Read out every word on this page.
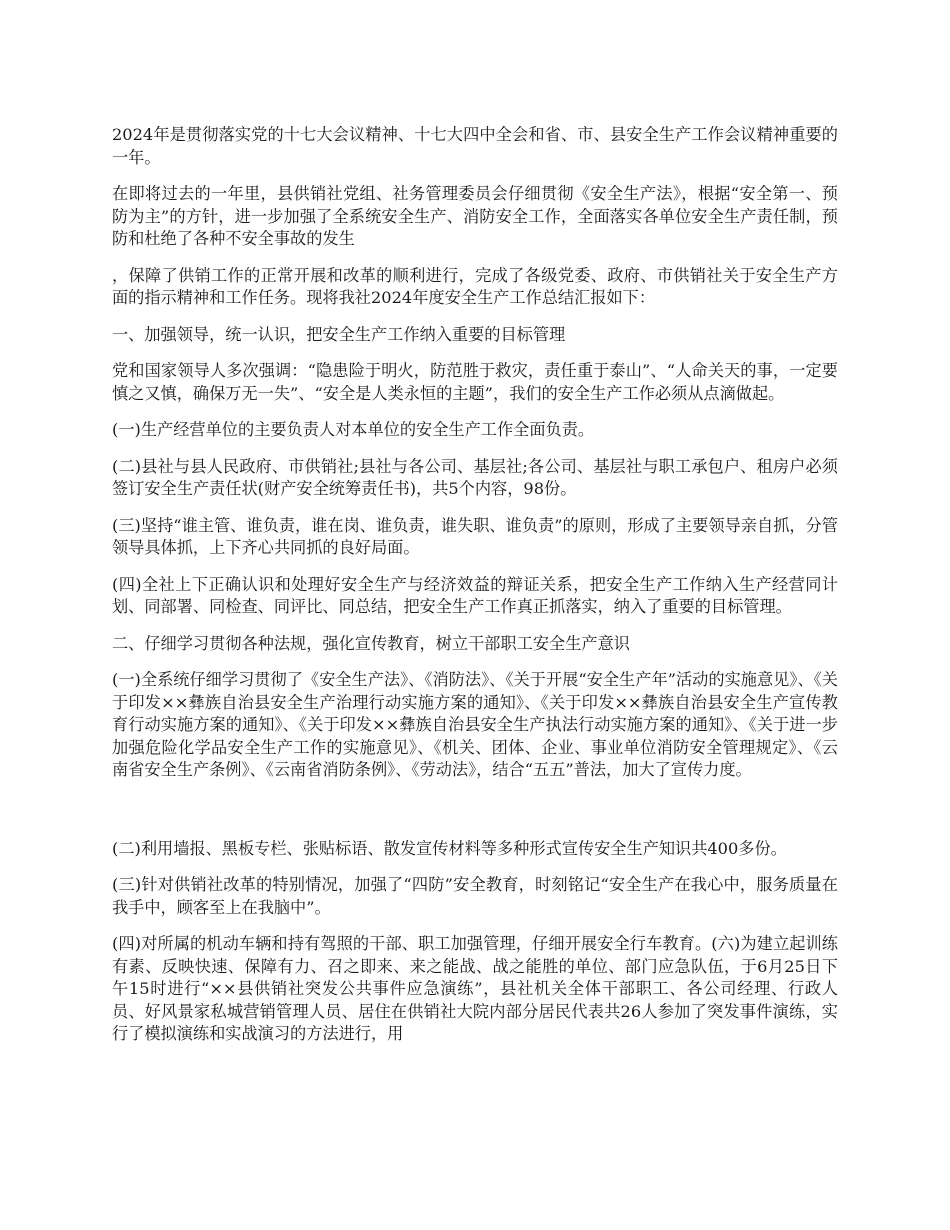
2024年是贯彻落实党的十七大会议精神、十七大四中全会和省、市、县安全生产工作会议精神重要的一年。

在即将过去的一年里，县供销社党组、社务管理委员会仔细贯彻《安全生产法》，根据“安全第一、预防为主”的方针，进一步加强了全系统安全生产、消防安全工作，全面落实各单位安全生产责任制，预防和杜绝了各种不安全事故的发生

，保障了供销工作的正常开展和改革的顺利进行，完成了各级党委、政府、市供销社关于安全生产方面的指示精神和工作任务。现将我社2024年度安全生产工作总结汇报如下：

一、加强领导，统一认识，把安全生产工作纳入重要的目标管理

党和国家领导人多次强调：“隐患险于明火，防范胜于救灾，责任重于泰山”、“人命关天的事，一定要慎之又慎，确保万无一失”、“安全是人类永恒的主题”，我们的安全生产工作必须从点滴做起。

(一)生产经营单位的主要负责人对本单位的安全生产工作全面负责。

(二)县社与县人民政府、市供销社;县社与各公司、基层社;各公司、基层社与职工承包户、租房户必须签订安全生产责任状(财产安全统筹责任书)，共5个内容，98份。

(三)坚持“谁主管、谁负责，谁在岗、谁负责，谁失职、谁负责”的原则，形成了主要领导亲自抓，分管领导具体抓，上下齐心共同抓的良好局面。

(四)全社上下正确认识和处理好安全生产与经济效益的辩证关系，把安全生产工作纳入生产经营同计划、同部署、同检查、同评比、同总结，把安全生产工作真正抓落实，纳入了重要的目标管理。

二、仔细学习贯彻各种法规，强化宣传教育，树立干部职工安全生产意识

(一)全系统仔细学习贯彻了《安全生产法》、《消防法》、《关于开展“安全生产年”活动的实施意见》、《关于印发××彝族自治县安全生产治理行动实施方案的通知》、《关于印发××彝族自治县安全生产宣传教育行动实施方案的通知》、《关于印发××彝族自治县安全生产执法行动实施方案的通知》、《关于进一步加强危险化学品安全生产工作的实施意见》、《机关、团体、企业、事业单位消防安全管理规定》、《云南省安全生产条例》、《云南省消防条例》、《劳动法》，结合“五五”普法，加大了宣传力度。

(二)利用墙报、黑板专栏、张贴标语、散发宣传材料等多种形式宣传安全生产知识共400多份。

(三)针对供销社改革的特别情况，加强了“四防”安全教育，时刻铭记“安全生产在我心中，服务质量在我手中，顾客至上在我脑中”。

(四)对所属的机动车辆和持有驾照的干部、职工加强管理，仔细开展安全行车教育。(六)为建立起训练有素、反映快速、保障有力、召之即来、来之能战、战之能胜的单位、部门应急队伍，于6月25日下午15时进行“××县供销社突发公共事件应急演练”，县社机关全体干部职工、各公司经理、行政人员、好风景家私城营销管理人员、居住在供销社大院内部分居民代表共26人参加了突发事件演练，实行了模拟演练和实战演习的方法进行，用
